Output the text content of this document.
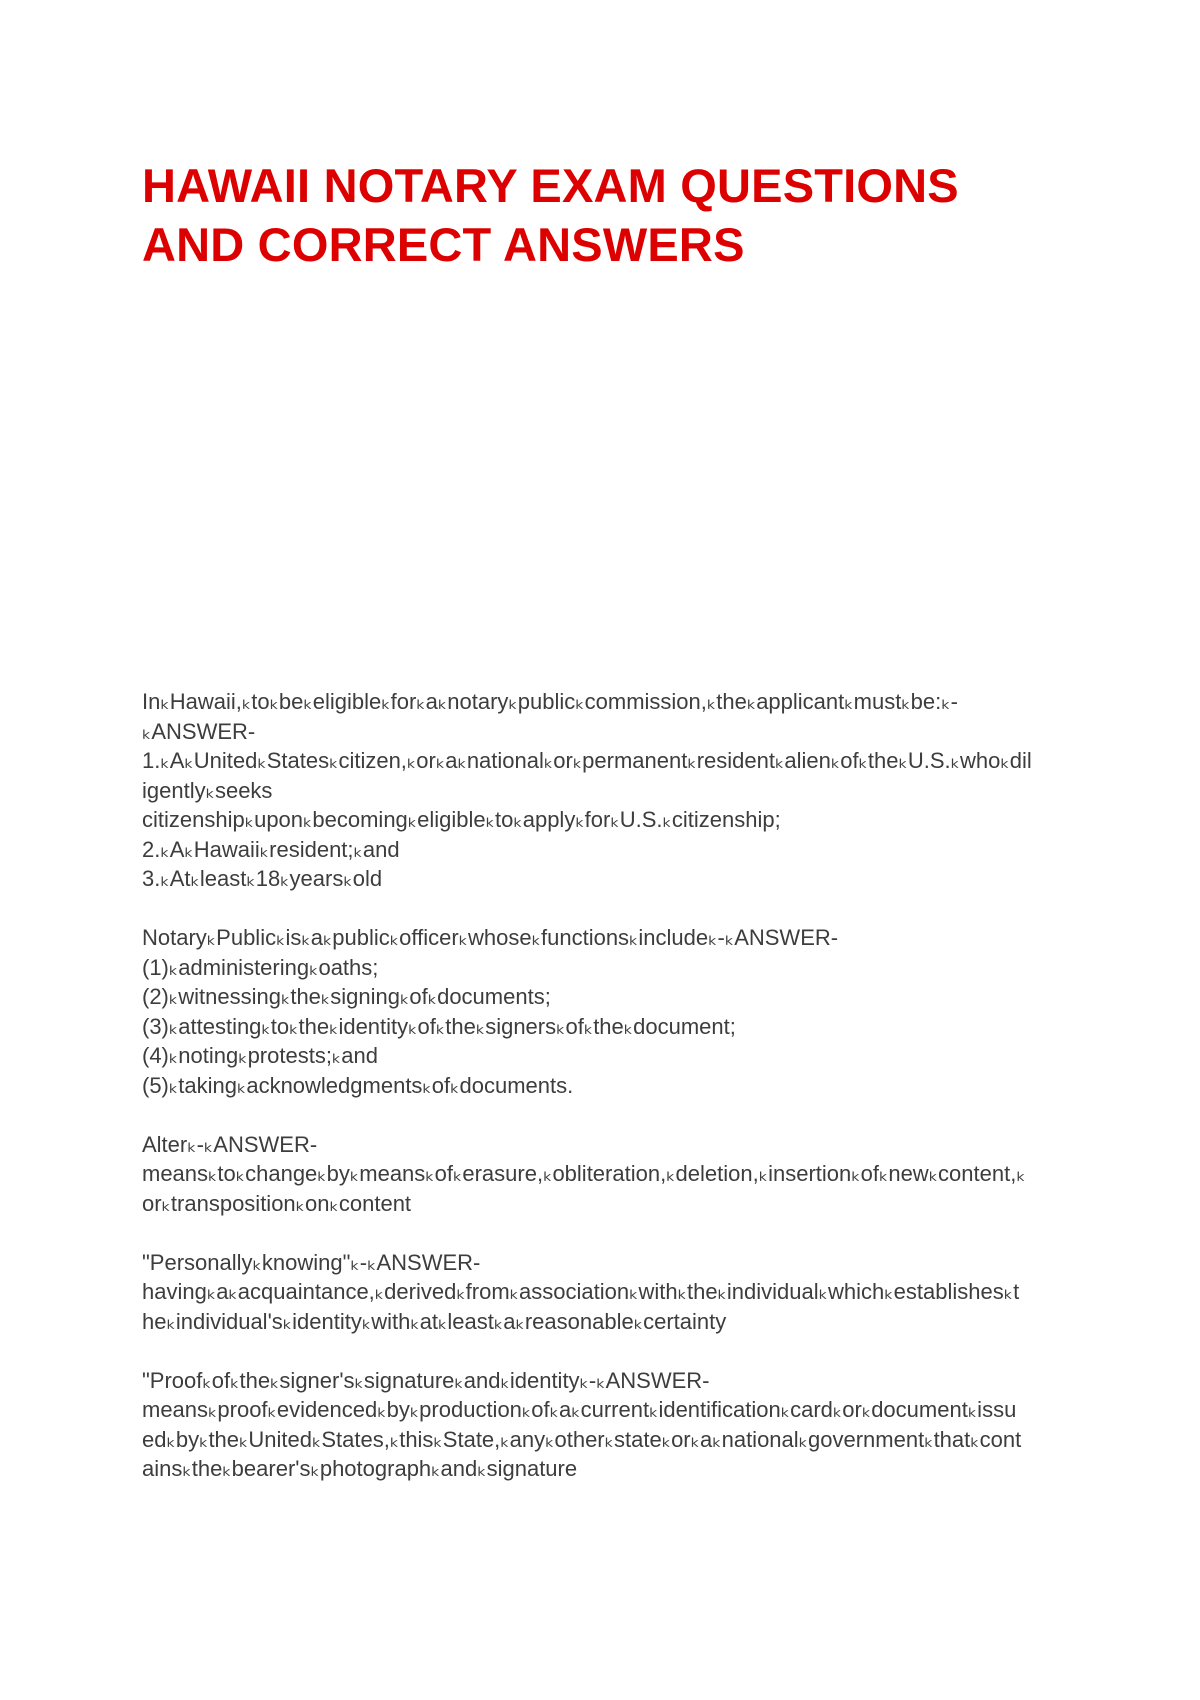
HAWAII NOTARY EXAM QUESTIONS
AND CORRECT ANSWERS
InₖHawaii,ₖtoₖbeₖeligibleₖforₖaₖnotaryₖpublicₖcommission,ₖtheₖapplicantₖmustₖbe:ₖ-
ₖANSWER-
1.ₖAₖUnitedₖStatesₖcitizen,ₖorₖaₖnationalₖorₖpermanentₖresidentₖalienₖofₖtheₖU.S.ₖwhoₖdil
igentlyₖseeks
citizenshipₖuponₖbecomingₖeligibleₖtoₖapplyₖforₖU.S.ₖcitizenship;
2.ₖAₖHawaiiₖresident;ₖand
3.ₖAtₖleastₖ18ₖyearsₖold
NotaryₖPublicₖisₖaₖpublicₖofficerₖwhoseₖfunctionsₖincludeₖ-ₖANSWER-
(1)ₖadministeringₖoaths;
(2)ₖwitnessingₖtheₖsigningₖofₖdocuments;
(3)ₖattestingₖtoₖtheₖidentityₖofₖtheₖsignersₖofₖtheₖdocument;
(4)ₖnotingₖprotests;ₖand
(5)ₖtakingₖacknowledgmentsₖofₖdocuments.
Alterₖ-ₖANSWER-
meansₖtoₖchangeₖbyₖmeansₖofₖerasure,ₖobliteration,ₖdeletion,ₖinsertionₖofₖnewₖcontent,ₖ
orₖtranspositionₖonₖcontent
"Personallyₖknowing"ₖ-ₖANSWER-
havingₖaₖacquaintance,ₖderivedₖfromₖassociationₖwithₖtheₖindividualₖwhichₖestablishesₖt
heₖindividual'sₖidentityₖwithₖatₖleastₖaₖreasonableₖcertainty
"Proofₖofₖtheₖsigner'sₖsignatureₖandₖidentityₖ-ₖANSWER-
meansₖproofₖevidencedₖbyₖproductionₖofₖaₖcurrentₖidentificationₖcardₖorₖdocumentₖissu
edₖbyₖtheₖUnitedₖStates,ₖthisₖState,ₖanyₖotherₖstateₖorₖaₖnationalₖgovernmentₖthatₖcont
ainsₖtheₖbearer'sₖphotographₖandₖsignature
